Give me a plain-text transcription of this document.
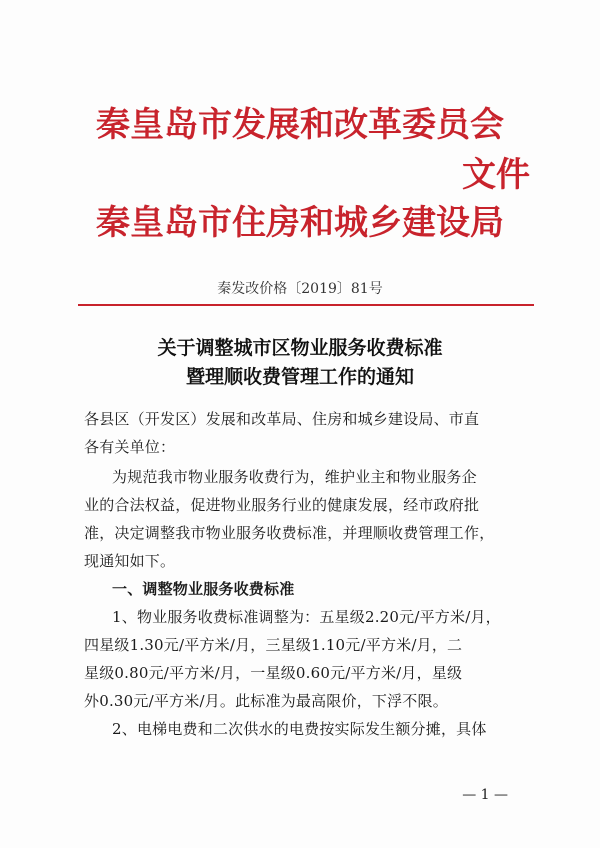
秦皇岛市发展和改革委员会
文件
秦皇岛市住房和城乡建设局
秦发改价格〔2019〕81号
关于调整城市区物业服务收费标准
暨理顺收费管理工作的通知
各县区（开发区）发展和改革局、住房和城乡建设局、市直
各有关单位：
为规范我市物业服务收费行为，维护业主和物业服务企
业的合法权益，促进物业服务行业的健康发展，经市政府批
准，决定调整我市物业服务收费标准，并理顺收费管理工作，
现通知如下。
一、调整物业服务收费标准
1、物业服务收费标准调整为：五星级2.20元/平方米/月，
四星级1.30元/平方米/月，三星级1.10元/平方米/月，二
星级0.80元/平方米/月，一星级0.60元/平方米/月，星级
外0.30元/平方米/月。此标准为最高限价，下浮不限。
2、电梯电费和二次供水的电费按实际发生额分摊，具体
— 1 —
